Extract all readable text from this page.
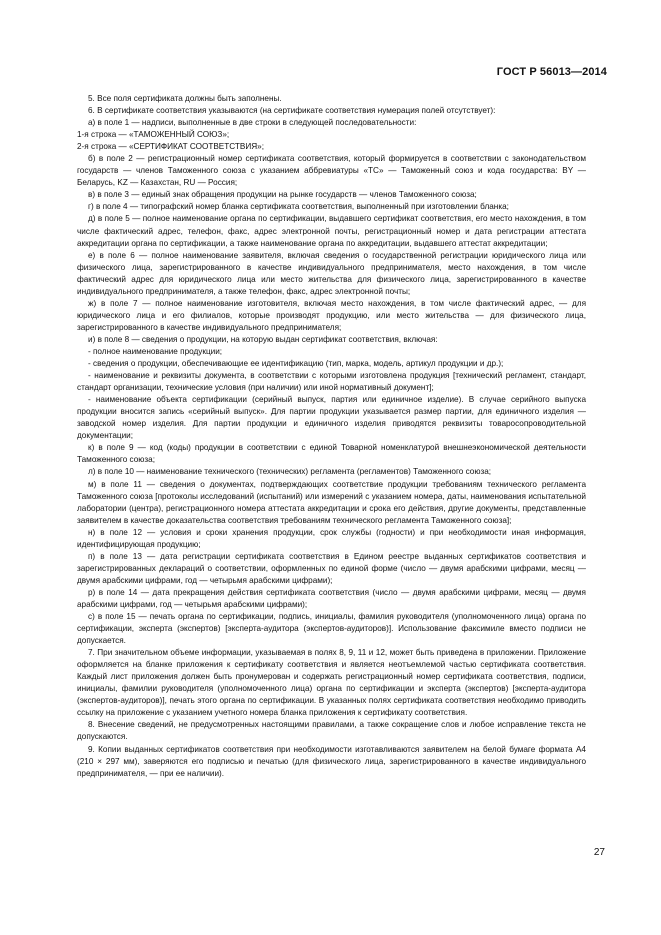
ГОСТ Р 56013—2014

5. Все поля сертификата должны быть заполнены.

6. В сертификате соответствия указываются (на сертификате соответствия нумерация полей отсутствует):

а) в поле 1 — надписи, выполненные в две строки в следующей последовательности:

1-я строка — «ТАМОЖЕННЫЙ СОЮЗ»;

2-я строка — «СЕРТИФИКАТ СООТВЕТСТВИЯ»;

б) в поле 2 — регистрационный номер сертификата соответствия, который формируется в соответствии с законодательством государств — членов Таможенного союза с указанием аббревиатуры «ТС» — Таможенный союз и кода государства: BY — Беларусь, KZ — Казахстан, RU — Россия;

в) в поле 3 — единый знак обращения продукции на рынке государств — членов Таможенного союза;

г) в поле 4 — типографский номер бланка сертификата соответствия, выполненный при изготовлении бланка;

д) в поле 5 — полное наименование органа по сертификации, выдавшего сертификат соответствия, его место нахождения, в том числе фактический адрес, телефон, факс, адрес электронной почты, регистрационный номер и дата регистрации аттестата аккредитации органа по сертификации, а также наименование органа по аккредитации, выдавшего аттестат аккредитации;

е) в поле 6 — полное наименование заявителя, включая сведения о государственной регистрации юридического лица или физического лица, зарегистрированного в качестве индивидуального предпринимателя, место нахождения, в том числе фактический адрес для юридического лица или место жительства для физического лица, зарегистрированного в качестве индивидуального предпринимателя, а также телефон, факс, адрес электронной почты;

ж) в поле 7 — полное наименование изготовителя, включая место нахождения, в том числе фактический адрес, — для юридического лица и его филиалов, которые производят продукцию, или место жительства — для физического лица, зарегистрированного в качестве индивидуального предпринимателя;

и) в поле 8 — сведения о продукции, на которую выдан сертификат соответствия, включая:

- полное наименование продукции;

- сведения о продукции, обеспечивающие ее идентификацию (тип, марка, модель, артикул продукции и др.);

- наименование и реквизиты документа, в соответствии с которыми изготовлена продукция [технический регламент, стандарт, стандарт организации, технические условия (при наличии) или иной нормативный документ];

- наименование объекта сертификации (серийный выпуск, партия или единичное изделие). В случае серийного выпуска продукции вносится запись «серийный выпуск». Для партии продукции указывается размер партии, для единичного изделия — заводской номер изделия. Для партии продукции и единичного изделия приводятся реквизиты товаросопроводительной документации;

к) в поле 9 — код (коды) продукции в соответствии с единой Товарной номенклатурой внешнеэкономической деятельности Таможенного союза;

л) в поле 10 — наименование технического (технических) регламента (регламентов) Таможенного союза;

м) в поле 11 — сведения о документах, подтверждающих соответствие продукции требованиям технического регламента Таможенного союза [протоколы исследований (испытаний) или измерений с указанием номера, даты, наименования испытательной лаборатории (центра), регистрационного номера аттестата аккредитации и срока его действия, другие документы, представленные заявителем в качестве доказательства соответствия требованиям технического регламента Таможенного союза];

н) в поле 12 — условия и сроки хранения продукции, срок службы (годности) и при необходимости иная информация, идентифицирующая продукцию;

п) в поле 13 — дата регистрации сертификата соответствия в Едином реестре выданных сертификатов соответствия и зарегистрированных деклараций о соответствии, оформленных по единой форме (число — двумя арабскими цифрами, месяц — двумя арабскими цифрами, год — четырьмя арабскими цифрами);

р) в поле 14 — дата прекращения действия сертификата соответствия (число — двумя арабскими цифрами, месяц — двумя арабскими цифрами, год — четырьмя арабскими цифрами);

с) в поле 15 — печать органа по сертификации, подпись, инициалы, фамилия руководителя (уполномоченного лица) органа по сертификации, эксперта (экспертов) [эксперта-аудитора (экспертов-аудиторов)]. Использование факсимиле вместо подписи не допускается.

7. При значительном объеме информации, указываемая в полях 8, 9, 11 и 12, может быть приведена в приложении. Приложение оформляется на бланке приложения к сертификату соответствия и является неотъемлемой частью сертификата соответствия. Каждый лист приложения должен быть пронумерован и содержать регистрационный номер сертификата соответствия, подписи, инициалы, фамилии руководителя (уполномоченного лица) органа по сертификации и эксперта (экспертов) [эксперта-аудитора (экспертов-аудиторов)], печать этого органа по сертификации. В указанных полях сертификата соответствия необходимо приводить ссылку на приложение с указанием учетного номера бланка приложения к сертификату соответствия.

8. Внесение сведений, не предусмотренных настоящими правилами, а также сокращение слов и любое исправление текста не допускаются.

9. Копии выданных сертификатов соответствия при необходимости изготавливаются заявителем на белой бумаге формата А4 (210 × 297 мм), заверяются его подписью и печатью (для физического лица, зарегистрированного в качестве индивидуального предпринимателя, — при ее наличии).

27
